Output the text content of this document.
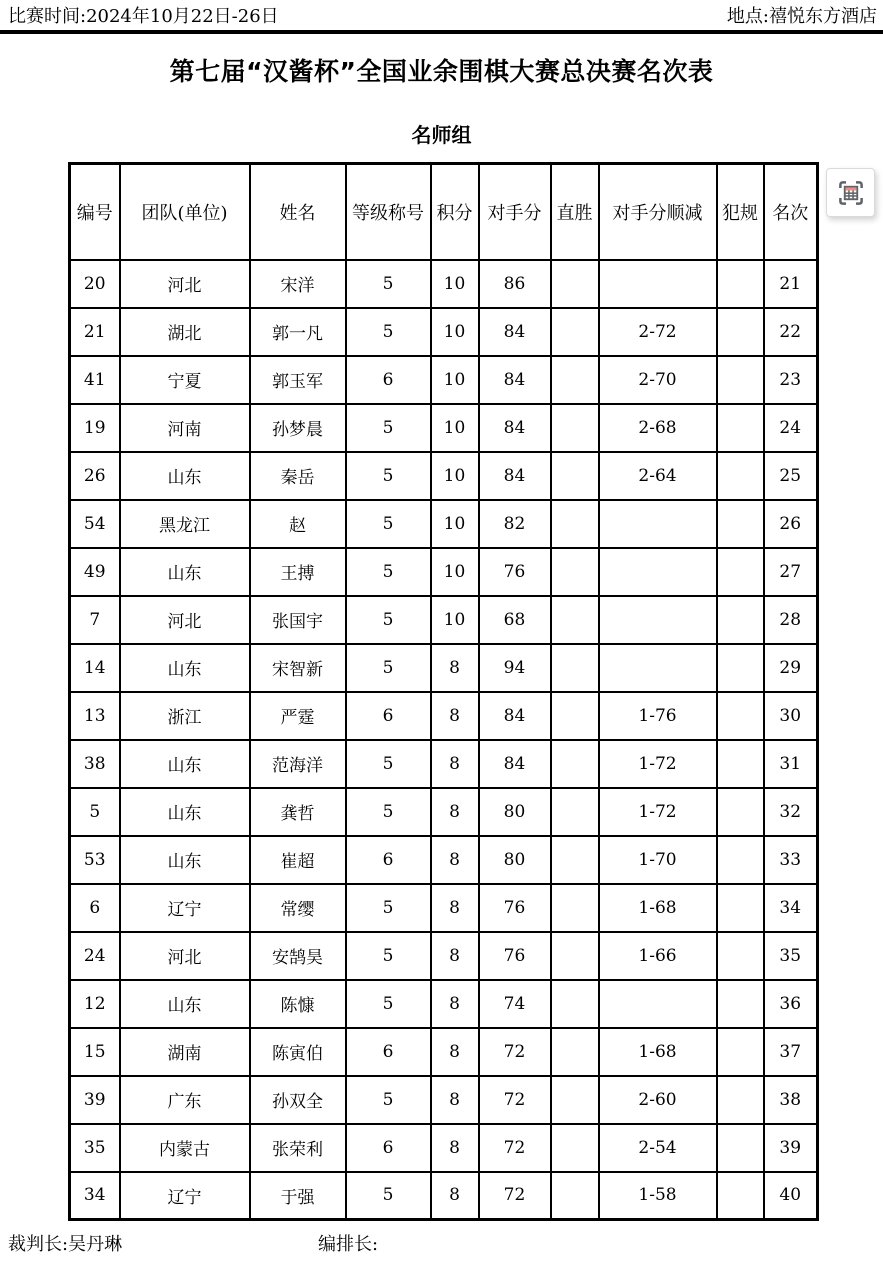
比赛时间:2024年10月22日-26日	地点:禧悦东方酒店
第七届“汉酱杯”全国业余围棋大赛总决赛名次表
名师组
编号	团队(单位)	姓名	等级称号	积分	对手分	直胜	对手分顺减	犯规	名次
20	河北	宋洋	5	10	86				21
21	湖北	郭一凡	5	10	84		2-72		22
41	宁夏	郭玉军	6	10	84		2-70		23
19	河南	孙梦晨	5	10	84		2-68		24
26	山东	秦岳	5	10	84		2-64		25
54	黑龙江	赵	5	10	82				26
49	山东	王搏	5	10	76				27
7	河北	张国宇	5	10	68				28
14	山东	宋智新	5	8	94				29
13	浙江	严霆	6	8	84		1-76		30
38	山东	范海洋	5	8	84		1-72		31
5	山东	龚哲	5	8	80		1-72		32
53	山东	崔超	6	8	80		1-70		33
6	辽宁	常缨	5	8	76		1-68		34
24	河北	安鹄昊	5	8	76		1-66		35
12	山东	陈慷	5	8	74				36
15	湖南	陈寅伯	6	8	72		1-68		37
39	广东	孙双全	5	8	72		2-60		38
35	内蒙古	张荣利	6	8	72		2-54		39
34	辽宁	于强	5	8	72		1-58		40
裁判长:吴丹琳	编排长:
